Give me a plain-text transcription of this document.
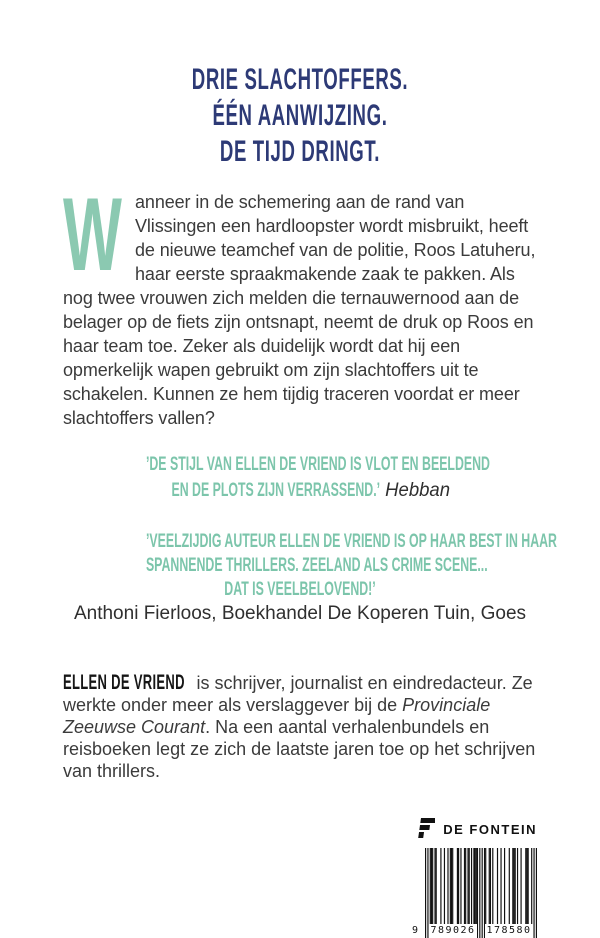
DRIE SLACHTOFFERS.
ÉÉN AANWIJZING.
DE TIJD DRINGT.

W anneer in de schemering aan de rand van Vlissingen een hardloopster wordt misbruikt, heeft de nieuwe teamchef van de politie, Roos Latuheru, haar eerste spraakmakende zaak te pakken. Als nog twee vrouwen zich melden die ternauwernood aan de belager op de fiets zijn ontsnapt, neemt de druk op Roos en haar team toe. Zeker als duidelijk wordt dat hij een opmerkelijk wapen gebruikt om zijn slachtoffers uit te schakelen. Kunnen ze hem tijdig traceren voordat er meer slachtoffers vallen?

’DE STIJL VAN ELLEN DE VRIEND IS VLOT EN BEELDEND
EN DE PLOTS ZIJN VERRASSEND.’ Hebban
’VEELZIJDIG AUTEUR ELLEN DE VRIEND IS OP HAAR BEST IN HAAR
SPANNENDE THRILLERS. ZEELAND ALS CRIME SCENE...
DAT IS VEELBELOVEND!’
Anthoni Fierloos, Boekhandel De Koperen Tuin, Goes

ELLEN DE VRIEND is schrijver, journalist en eindredacteur. Ze werkte onder meer als verslaggever bij de Provinciale Zeeuwse Courant. Na een aantal verhalenbundels en reisboeken legt ze zich de laatste jaren toe op het schrijven van thrillers.

DE FONTEIN
9 789026 178580
